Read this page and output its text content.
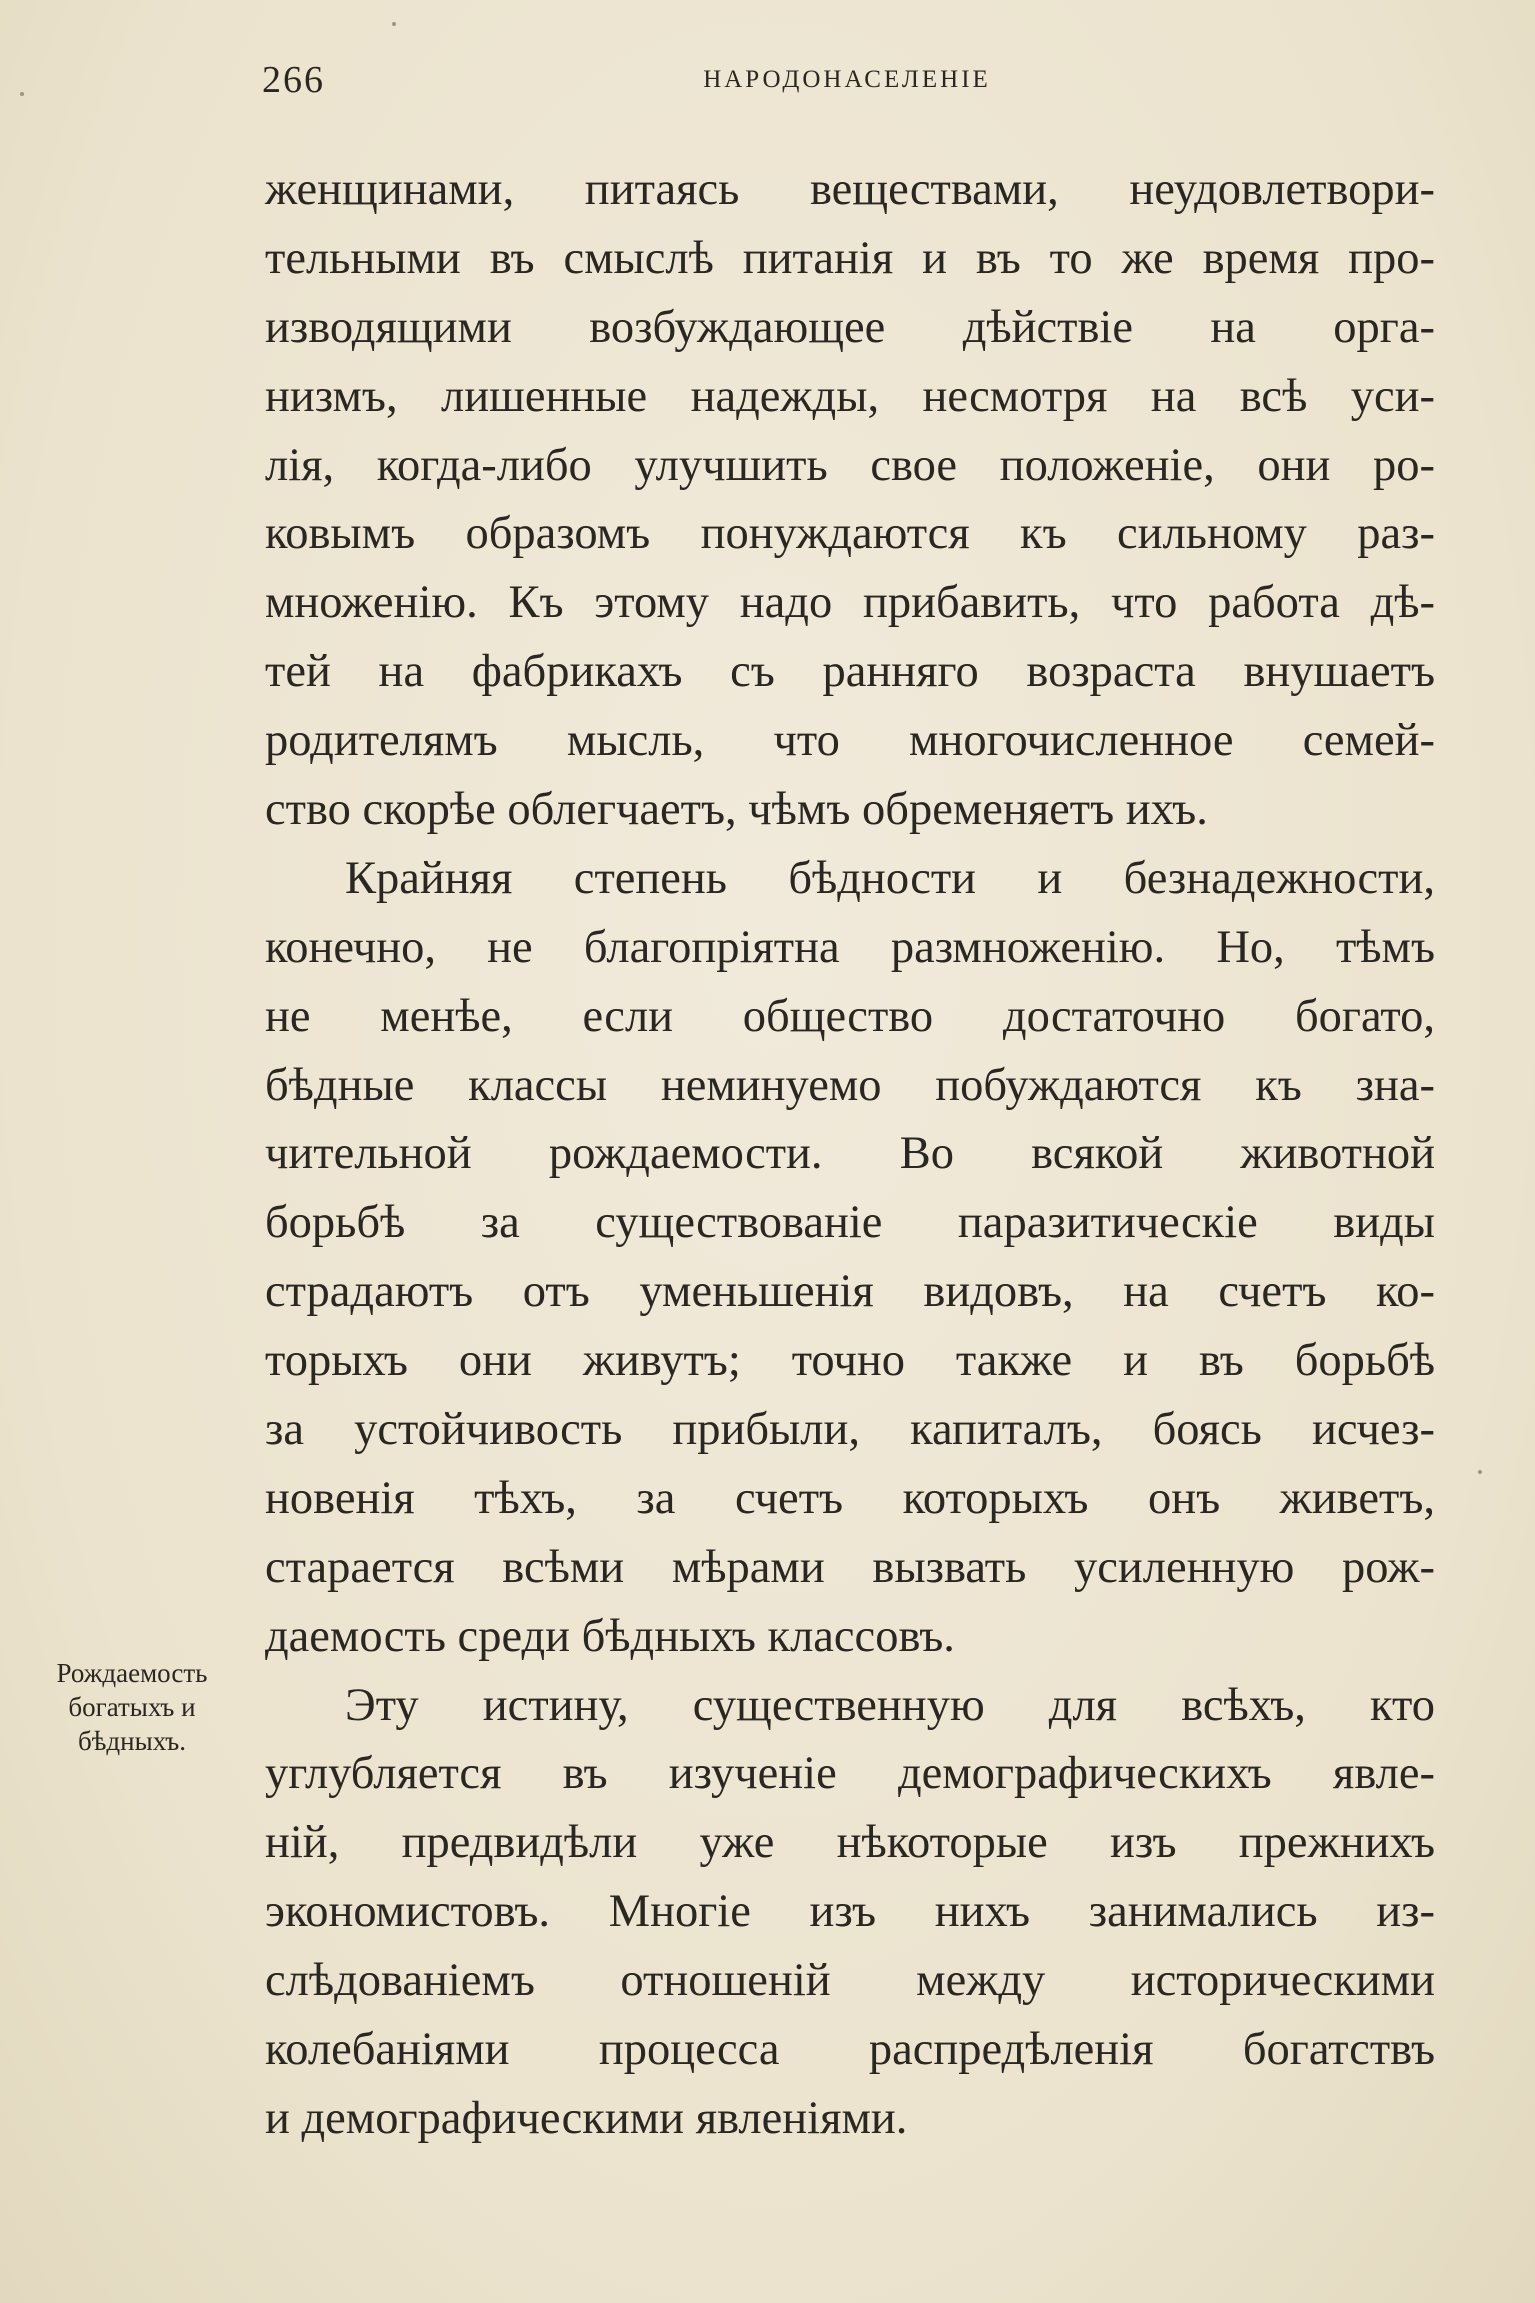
266	НАРОДОНАСЕЛЕНІЕ
женщинами, питаясь веществами, неудовлетвори-
тельными въ смыслѣ питанія и въ то же время про-
изводящими возбуждающее дѣйствіе на орга-
низмъ, лишенные надежды, несмотря на всѣ уси-
лія, когда-либо улучшить свое положеніе, они ро-
ковымъ образомъ понуждаются къ сильному раз-
множенію. Къ этому надо прибавить, что работа дѣ-
тей на фабрикахъ съ ранняго возраста внушаетъ
родителямъ мысль, что многочисленное семей-
ство скорѣе облегчаетъ, чѣмъ обременяетъ ихъ.
Крайняя степень бѣдности и безнадежности,
конечно, не благопріятна размноженію. Но, тѣмъ
не менѣе, если общество достаточно богато,
бѣдные классы неминуемо побуждаются къ зна-
чительной рождаемости. Во всякой животной
борьбѣ за существованіе паразитическіе виды
страдаютъ отъ уменьшенія видовъ, на счетъ ко-
торыхъ они живутъ; точно также и въ борьбѣ
за устойчивость прибыли, капиталъ, боясь исчез-
новенія тѣхъ, за счетъ которыхъ онъ живетъ,
старается всѣми мѣрами вызвать усиленную рож-
даемость среди бѣдныхъ классовъ.
Эту истину, существенную для всѣхъ, кто
углубляется въ изученіе демографическихъ явле-
ній, предвидѣли уже нѣкоторые изъ прежнихъ
экономистовъ. Многіе изъ нихъ занимались из-
слѣдованіемъ отношеній между историческими
колебаніями процесса распредѣленія богатствъ
и демографическими явленіями.
Рождаемость
богатыхъ и
бѣдныхъ.
